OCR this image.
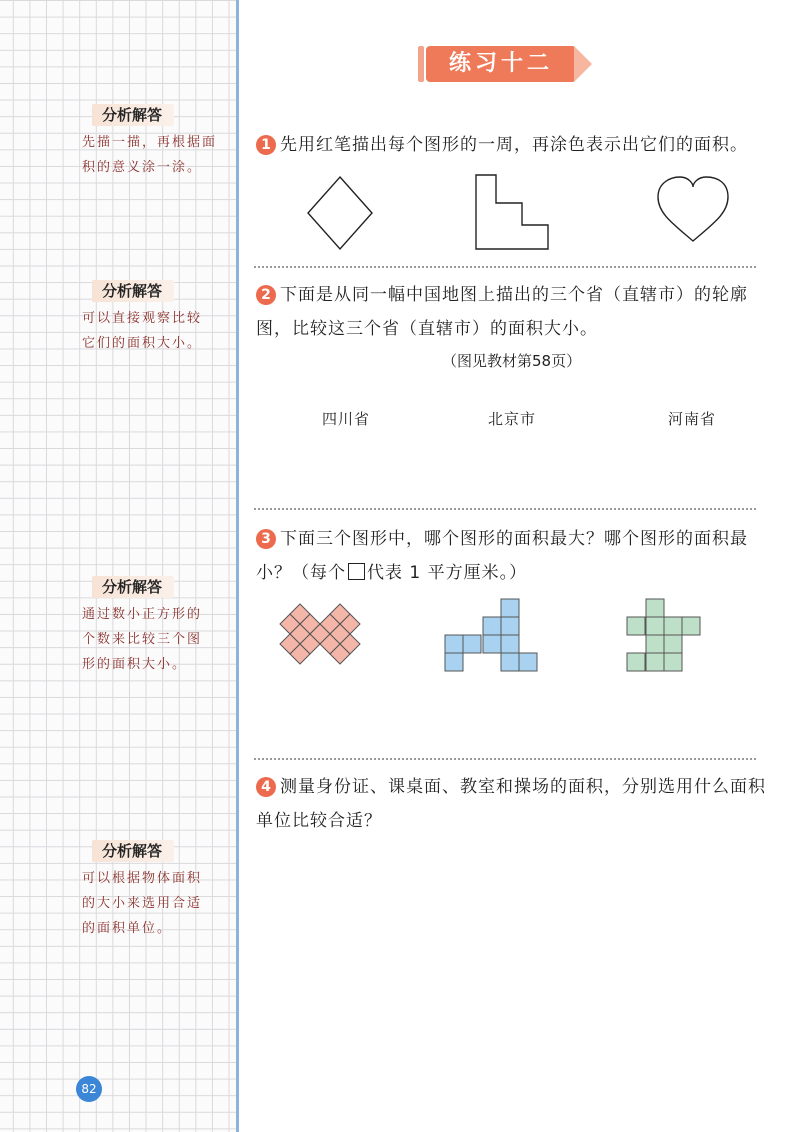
分析解答
先描一描，再根据面
积的意义涂一涂。
分析解答
可以直接观察比较
它们的面积大小。
分析解答
通过数小正方形的
个数来比较三个图
形的面积大小。
分析解答
可以根据物体面积
的大小来选用合适
的面积单位。
82
练习十二
1 先用红笔描出每个图形的一周，再涂色表示出它们的面积。
2 下面是从同一幅中国地图上描出的三个省（直辖市）的轮廓图，比较这三个省（直辖市）的面积大小。
（图见教材第58页）
四川省	北京市	河南省
3 下面三个图形中，哪个图形的面积最大？哪个图形的面积最小？（每个 代表 1 平方厘米。）
4 测量身份证、课桌面、教室和操场的面积，分别选用什么面积单位比较合适？
